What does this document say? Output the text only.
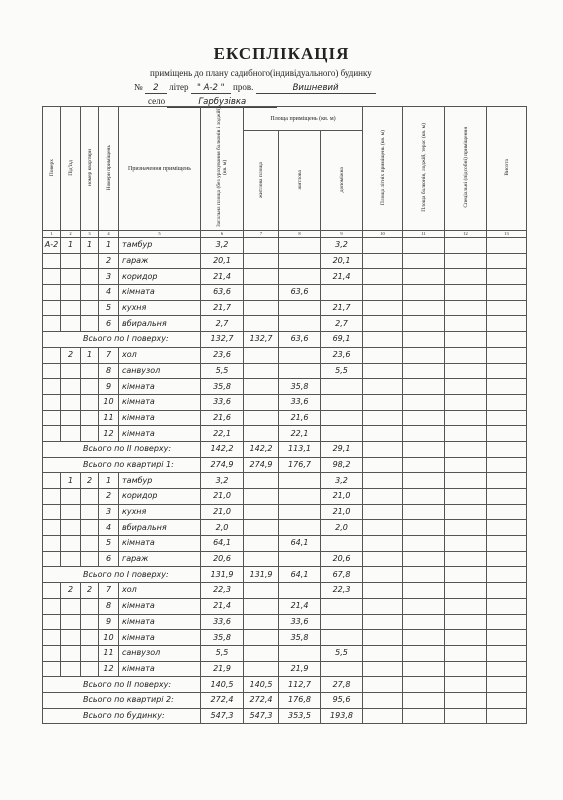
ЕКСПЛІКАЦІЯ
приміщень до плану садибного(індивідуального) будинку
№ 2 літер " А-2 " пров.	Вишневий
село	Гарбузівка
Поверх	Під'їзд	номер квартири	Номери приміщень	Призначення приміщень	Загальна площа (без урахування балконів і лоджій) (кв. м)	Площа приміщень (кв. м)			Площа літніх приміщень (кв. м)	Площа балконів, лоджій, терас (кв. м)	Спеціальні (підсобні) приміщення	Висота
						житлова площа	житлова	допоміжна				
1	2	3	4	5	6	7	8	9	10	11	12	13
А-2	1	1	1	тамбур	3,2			3,2				
			2	гараж	20,1			20,1				
			3	коридор	21,4			21,4				
			4	кімната	63,6		63,6					
			5	кухня	21,7			21,7				
			6	вбиральня	2,7			2,7				
Всього по І поверху:					132,7	132,7	63,6	69,1				
	2	1	7	хол	23,6			23,6				
			8	санвузол	5,5			5,5				
			9	кімната	35,8		35,8					
			10	кімната	33,6		33,6					
			11	кімната	21,6		21,6					
			12	кімната	22,1		22,1					
Всього по ІІ поверху:					142,2	142,2	113,1	29,1				
Всього по квартирі 1:					274,9	274,9	176,7	98,2				
	1	2	1	тамбур	3,2			3,2				
			2	коридор	21,0			21,0				
			3	кухня	21,0			21,0				
			4	вбиральня	2,0			2,0				
			5	кімната	64,1		64,1					
			6	гараж	20,6			20,6				
Всього по І поверху:					131,9	131,9	64,1	67,8				
	2	2	7	хол	22,3			22,3				
			8	кімната	21,4		21,4					
			9	кімната	33,6		33,6					
			10	кімната	35,8		35,8					
			11	санвузол	5,5			5,5				
			12	кімната	21,9		21,9					
Всього по ІІ поверху:					140,5	140,5	112,7	27,8				
Всього по квартирі 2:					272,4	272,4	176,8	95,6				
Всього по будинку:					547,3	547,3	353,5	193,8				
